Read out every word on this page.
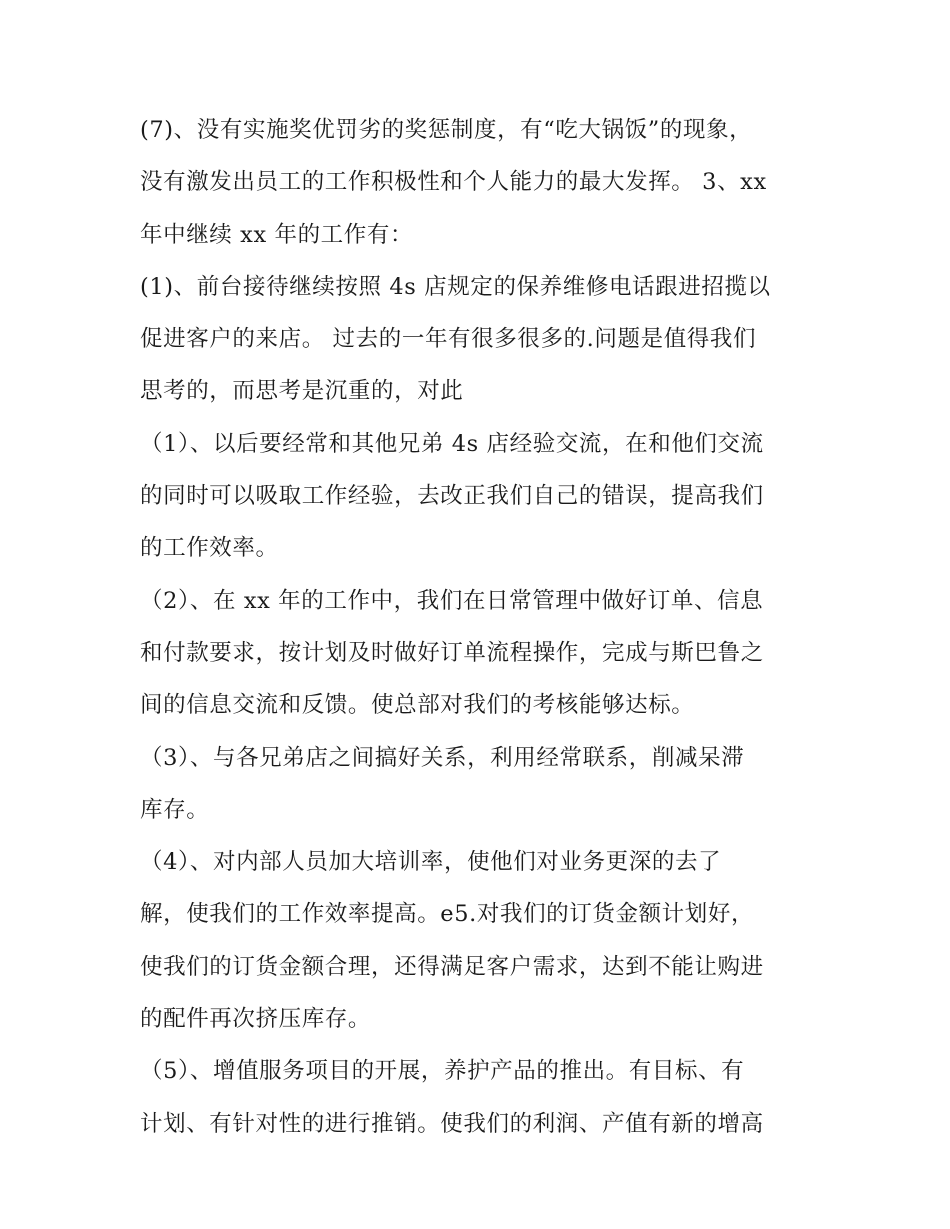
(7)、没有实施奖优罚劣的奖惩制度，有“吃大锅饭”的现象，
没有激发出员工的工作积极性和个人能力的最大发挥。 3、xx
年中继续 xx 年的工作有：
(1)、前台接待继续按照 4s 店规定的保养维修电话跟进招揽以
促进客户的来店。 过去的一年有很多很多的.问题是值得我们
思考的，而思考是沉重的，对此
（1）、以后要经常和其他兄弟 4s 店经验交流，在和他们交流
的同时可以吸取工作经验，去改正我们自己的错误，提高我们
的工作效率。
（2）、在 xx 年的工作中，我们在日常管理中做好订单、信息
和付款要求，按计划及时做好订单流程操作，完成与斯巴鲁之
间的信息交流和反馈。使总部对我们的考核能够达标。
（3）、与各兄弟店之间搞好关系，利用经常联系，削减呆滞
库存。
（4）、对内部人员加大培训率，使他们对业务更深的去了
解，使我们的工作效率提高。e5.对我们的订货金额计划好，
使我们的订货金额合理，还得满足客户需求，达到不能让购进
的配件再次挤压库存。
（5）、增值服务项目的开展，养护产品的推出。有目标、有
计划、有针对性的进行推销。使我们的利润、产值有新的增高
